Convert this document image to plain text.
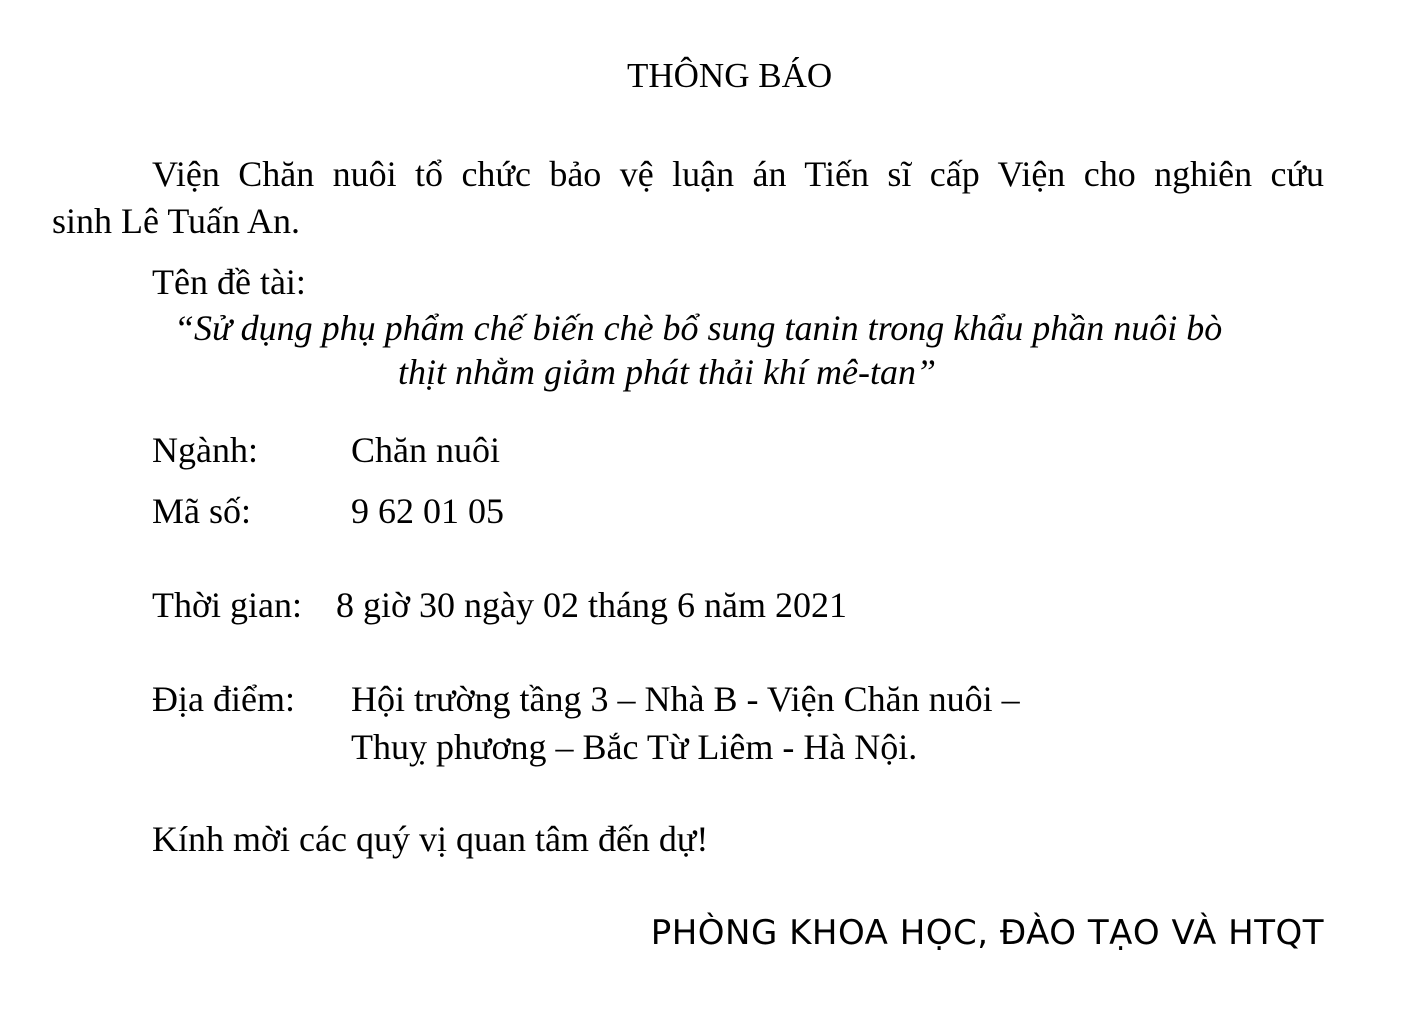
THÔNG BÁO
Viện Chăn nuôi tổ chức bảo vệ luận án Tiến sĩ cấp Viện cho nghiên cứu
sinh Lê Tuấn An.
Tên đề tài:
“Sử dụng phụ phẩm chế biến chè bổ sung tanin trong khẩu phần nuôi bò
thịt nhằm giảm phát thải khí mê-tan”
Ngành:	Chăn nuôi
Mã số:	9 62 01 05
Thời gian: 8 giờ 30 ngày 02 tháng 6 năm 2021
Địa điểm: Hội trường tầng 3 – Nhà B - Viện Chăn nuôi –
Thuỵ phương – Bắc Từ Liêm - Hà Nội.
Kính mời các quý vị quan tâm đến dự!
PHÒNG KHOA HỌC, ĐÀO TẠO VÀ HTQT
